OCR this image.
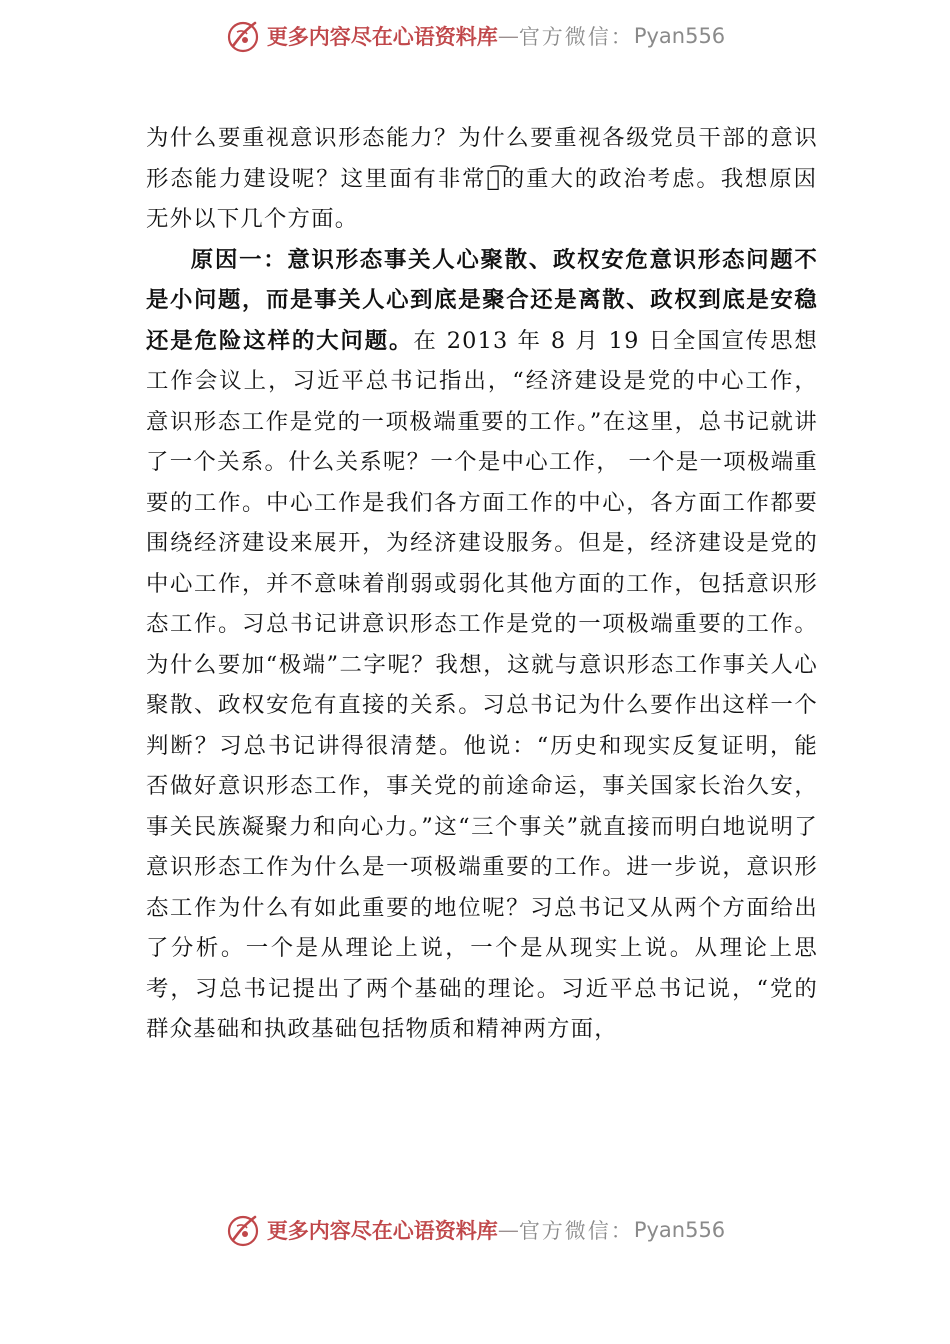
更多内容尽在心语资料库 — 官方微信： Pyan556

为什么要重视意识形态能力？为什么要重视各级党员干部的意识形态能力建设呢？这里面有非常深͡的重大的政治考虑。我想原因无外以下几个方面。

原因一：意识形态事关人心聚散、政权安危意识形态问题不是小问题，而是事关人心到底是聚合还是离散、政权到底是安稳还是危险这样的大问题。在 2013 年 8 月 19 日全国宣传思想工作会议上，习近平总书记指出，“经济建设是党的中心工作，意识形态工作是党的一项极端重要的工作。”在这里，总书记就讲了一个关系。什么关系呢？一个是中心工作， 一个是一项极端重要的工作。中心工作是我们各方面工作的中心，各方面工作都要围绕经济建设来展开，为经济建设服务。但是，经济建设是党的中心工作，并不意味着削弱或弱化其他方面的工作，包括意识形态工作。习总书记讲意识形态工作是党的一项极端重要的工作。为什么要加“极端”二字呢？我想，这就与意识形态工作事关人心聚散、政权安危有直接的关系。习总书记为什么要作出这样一个判断？习总书记讲得很清楚。他说：“历史和现实反复证明，能否做好意识形态工作，事关党的前途命运，事关国家长治久安，事关民族凝聚力和向心力。”这“三个事关”就直接而明白地说明了意识形态工作为什么是一项极端重要的工作。进一步说，意识形态工作为什么有如此重要的地位呢？习总书记又从两个方面给出了分析。一个是从理论上说，一个是从现实上说。从理论上思考，习总书记提出了两个基础的理论。习近平总书记说，“党的群众基础和执政基础包括物质和精神两方面，

更多内容尽在心语资料库 — 官方微信： Pyan556
